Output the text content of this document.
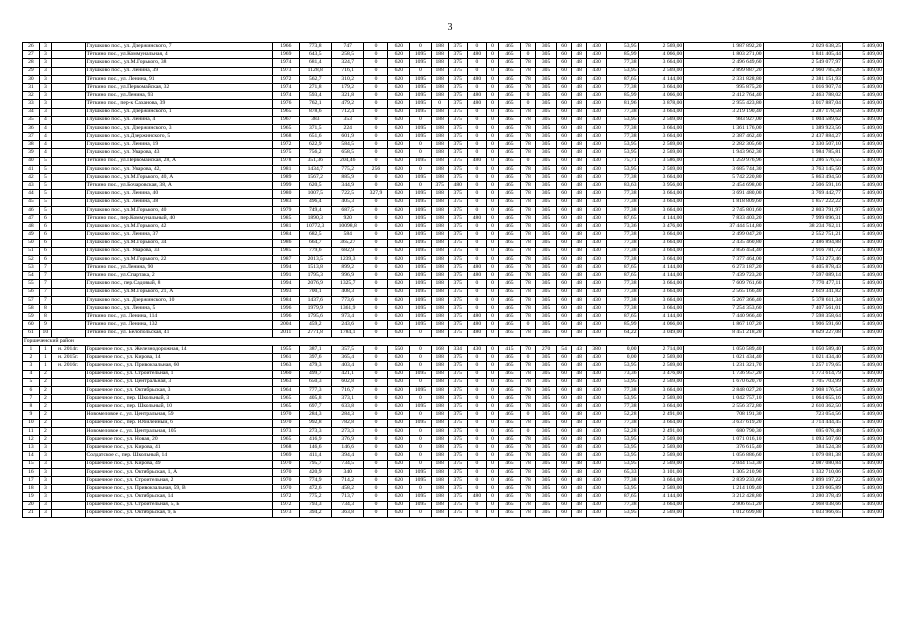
3
26	3		Глушковo пос., ул. Дзержинского, 7	1966	773,8	747	0	620	0	188	375	0	0	465	78	305	60	48	430	53,95	2 569,00	1 987 892,20	2 029 638,25	5 409,00
27	3		Тёткино пос., ул.Коммунальная, 4	1969	643,5	258,5	0	620	1095	188	375	480	0	465	0	305	60	48	430	85,99	4 066,00	1 803 271,00	1 841 405,44	5 409,00
28	3		Глушковo пос., ул.М.Горького, 38	1974	681,4	324,7	0	620	1095	188	375	0	0	465	78	305	60	48	430	77,38	3 664,00	2 496 649,60	2 549 077,97	5 409,00
29	3		Глушковo пос., ул. Ленина, 39	1973	1128,8	716,1	0	620	0	188	375	0	0	465	78	305	60	48	430	53,95	2 569,00	2 899 887,20	2 960 785,28	5 409,00
30	3		Тёткино пос., ул. Ленина, 91	1972	562,7	310,2	0	620	1095	188	375	480	0	465	78	305	60	48	430	87,65	4 144,00	2 331 828,80	2 381 151,93	5 409,00
31	3		Тёткино пос., ул.Первомайская, 32	1974	271,8	179,2	0	620	1095	188	375	0	0	465	78	305	60	48	430	77,38	3 664,00	995 875,20	1 016 907,74	5 409,00
32	3		Тёткино пос., ул.Ленина, 93	1974	593,4	321,8	0	620	1095	188	375	480	0	465	0	305	60	48	430	85,99	4 066,00	2 412 764,40	2 463 788,02	5 409,00
33	3		Тёткино пос., пер-к Саханова, 39	1976	762,1	479,2	0	620	1095	0	375	480	0	465	0	305	60	48	430	81,96	3 878,00	2 955 423,80	3 017 887,04	5 409,00
34	3		Глушковo пос., ул. Дзержинского, 1	1965	878,6	712,4	0	620	1095	188	375	0	0	465	78	305	60	48	430	77,38	3 664,00	3 219 190,40	3 287 178,58	5 409,00
35	4		Глушковo пос., ул. Ленина, 4	1967	383	353	0	620	0	188	375	0	0	465	78	305	60	48	430	53,95	2 569,00	983 927,00	1 004 589,62	5 409,00
36	4		Глушковo пос., ул. Дзержинского, 3	1965	371,5	224	0	620	1095	188	375	0	0	465	78	305	60	48	430	77,38	3 664,00	1 361 176,00	1 389 923,56	5 409,00
37	4		Глушковo пос., ул.Дзержинского, 5	1968	651,6	601,9	0	620	1095	188	375	0	0	465	78	305	60	48	430	77,38	3 664,00	2 387 462,40	2 437 884,27	5 409,00
38	4		Глушковo пос., ул. Ленина, 19	1972	622,9	584,5	0	620	0	188	375	0	0	465	78	305	60	48	430	53,95	2 569,00	2 282 305,60	2 330 507,10	5 409,00
39	4		Глушковo пос., ул. Уварова, 43	1975	756,2	658,5	0	620	0	188	375	0	0	465	78	305	60	48	430	53,95	2 569,00	1 943 962,30	1 984 785,81	5 409,00
40	5		Тёткино пос., ул.Первомайская, 28, А	1978	351,36	204,46	0	620	1095	188	375	480	0	465	0	305	60	48	430	75,71	3 586,00	1 259 976,96	1 286 576,55	5 409,00
41	5		Глушковo пос., ул. Уварова, 42,	1981	1434,7	775,2	256	620	0	188	375	0	0	465	78	305	60	48	430	53,95	2 569,00	3 685 744,30	3 763 145,50	5 409,00
42	5		Глушковo пос., ул.М.Горького, 40, А	1989	1567,2	885,9	0	620	1095	188	375	0	0	465	78	305	60	48	430	77,38	3 664,00	5 742 220,80	5 863 494,50	5 409,00
43	5		Тёткино пос., ул.Бочаровская, 38, А	1999	620,5	344,9	0	620	0	375	480	0	0	465	78	305	60	48	430	83,63	3 956,00	2 454 698,00	2 506 591,16	5 409,00
44	5		Глушковo пос., ул. Ленина, 40	1980	1007,5	722,5	327,9	620	1095	188	375	0	0	465	78	305	60	48	430	77,38	3 664,00	3 691 480,00	3 769 442,77	5 409,00
45	5		Глушковo пос., ул. Ленина, 38	1983	496,4	405,3	0	620	1095	188	375	0	0	465	78	305	60	48	430	77,38	3 664,00	1 818 809,60	1 857 222,22	5 409,00
46	5		Глушковo пос., ул.М.Горького, 40	1979	749,4	687,5	0	620	1095	188	375	0	0	465	78	305	60	48	430	77,38	3 664,00	2 745 801,60	2 803 791,97	5 409,00
47	6		Тёткино пос., пер.Коммунальный, 40	1985	1890,3	920	0	620	1095	188	375	480	0	465	78	305	60	48	430	87,65	4 144,00	7 833 403,20	7 999 096,31	5 409,00
48	6		Глушковo пос., ул.М.Горького, 42	1981	10772,3	10098,8	0	620	1095	188	375	0	0	465	78	305	60	48	430	73,36	3 476,00	37 444 514,80	38 234 762,11	5 409,00
49	6		Глушковo пос., ул. Ленина, 37	1984	682,5	584	0	620	1095	188	375	0	0	465	78	305	60	48	430	77,38	3 664,00	2 499 047,20	2 552 751,21	5 409,00
50	6		Глушковo пос., ул.М.Горького, 34	1986	664,7	365,27	0	620	1095	188	375	0	0	465	78	305	60	48	430	77,38	3 664,00	2 435 460,80	2 486 894,88	5 409,00
51	6		Глушковo пос., ул. Уварова, 33	1985	779,6	682,9	0	620	1095	188	375	0	0	465	78	305	60	48	430	77,38	3 664,00	2 856 454,40	2 916 781,72	5 409,00
52	6		Глушковo пос., ул.М.Горького, 22	1987	2013,5	1239,3	0	620	1095	188	375	0	0	465	78	305	60	48	430	77,38	3 664,00	7 377 464,00	7 533 273,46	5 409,00
53	7		Тёткино пос., ул.Ленина, 90	1994	1513,8	899,2	0	620	1095	188	375	480	0	465	78	305	60	48	430	87,65	4 144,00	6 273 187,20	6 405 878,43	5 409,00
54	7		Тёткино пос., ул.Спартака, 2	1991	1795,3	996,9	0	620	1095	188	375	480	0	465	78	305	60	48	430	87,65	4 144,00	7 439 723,20	7 597 089,14	5 409,00
55	7		Глушковo пос., пер.Садовый, 8	1994	2076,9	1325,7	0	620	1095	188	375	0	0	465	78	305	60	48	430	77,38	3 664,00	7 609 761,60	7 770 477,11	5 409,00
56	7		Глушковo пос., ул.М.Горького, 21, А	1993	700,1	408,3	0	620	1095	188	375	0	0	465	78	305	60	48	430	77,38	3 664,00	2 565 166,40	2 619 341,82	5 409,00
57	7		Глушковo пос., ул. Дзержинского, 10	1984	1437,6	773,6	0	620	1095	188	375	0	0	465	78	305	60	48	430	77,38	3 664,00	5 267 366,40	5 378 611,34	5 409,00
58	8		Глушковo пос., ул. Ленина, 5	1996	1979,9	1361,9	0	620	1095	188	375	0	0	465	78	305	60	48	430	77,38	3 664,00	7 254 353,60	7 407 561,01	5 409,00
59	8		Тёткино пос., ул. Ленина, 114	1996	1795,6	973,4	0	620	1095	188	375	480	0	465	78	305	60	48	430	87,65	4 144,00	7 440 966,40	7 598 358,64	5 409,00
60	9		Тёткино пос., ул. Ленина, 132	2004	459,2	243,6	0	620	1095	188	375	480	0	465	0	305	60	48	430	85,99	4 066,00	1 867 107,20	1 906 591,60	5 409,00
61	10		Тёткино пос., ул. Белопольская, 41	2011	2771,8	1784,1	0	620	0	188	375	480	0	465	78	305	60	48	430	64,22	3 049,00	8 451 218,20	8 629 227,08	5 409,00
Горшеченский район																								
1	1	н. 2014г.	Горшечное пос., ул. Железнодорожная, 14	1955	387,1	357,5	0	550	0	168	334	430	0	415	70	270	54	43	380	0,00	2 714,00	1 050 589,40	1 050 589,40	5 409,00
2	1	н. 2015г.	Горшечное пос., ул. Кирова, 14	1961	397,6	365,4	0	620	0	188	375	0	0	465	0	305	60	48	430	0,00	2 569,00	1 021 434,40	1 021 434,40	5 409,00
3	1	н. 2016г.	Горшечное пос., ул. Привокзальная, 60	1963	479,3	403,4	0	620	0	188	375	0	0	465	78	305	60	48	430	53,95	2 569,00	1 231 321,70	1 257 179,65	5 409,00
4	2		Горшечное пос., ул. Строительная, 1	1960	499,7	421,1	0	620	1095	188	375	0	0	465	78	305	60	48	430	73,36	3 476,00	1 736 957,20	1 773 614,79	5 409,00
5	2		Горшечное пос., ул. Центральная, 3	1963	650,3	602,8	0	620	0	188	375	0	0	465	78	305	60	48	430	53,95	2 569,00	1 670 620,70	1 705 703,99	5 409,00
6	2		Горшечное пос., ул. Октябрьская, 3	1964	777,3	716,7	0	620	1095	188	375	0	0	465	78	305	60	48	430	77,38	3 664,00	2 848 027,20	2 908 176,54	5 409,00
7	2		Горшечное пос., пер. Школьный, 3	1965	405,8	373,1	0	620	0	188	375	0	0	465	78	305	60	48	430	53,95	2 569,00	1 042 757,10	1 064 655,16	5 409,00
8	2		Горшечное пос., пер. Школьный, 10	1965	697,7	633,8	0	620	1095	188	375	0	0	465	78	305	60	48	430	77,38	3 664,00	2 556 372,80	2 610 362,50	5 409,00
9	2		Новомеловое с., ул. Центральная, 59	1970	284,3	284,3	0	620	0	188	375	0	0	465	0	305	60	48	430	52,28	2 491,00	708 191,30	723 054,56	5 409,00
10	2		Горшечное пос., пер. Юбилейный, 6	1970	992,8	782,8	0	620	1095	188	375	0	0	465	78	305	60	48	430	77,38	3 664,00	3 637 619,20	3 714 444,45	5 409,00
11	2		Новомеловое с., ул. Центральная, 105	1973	273,3	273,3	0	620	0	188	375	0	0	465	0	305	60	48	430	52,28	2 491,00	680 790,30	695 078,48	5 409,00
12	2		Горшечное пос., ул. Новая, 20	1965	416,9	376,9	0	620	0	188	375	0	0	465	78	305	60	48	430	53,95	2 569,00	1 071 016,10	1 093 507,60	5 409,00
13	3		Горшечное пос., ул. Кирова, 41	1968	146,6	146,6	0	620	0	188	375	0	0	465	78	305	60	48	430	53,95	2 569,00	376 615,40	384 524,38	5 409,00
14	3		Солдатское с., пер. Школьный, 14	1969	411,4	394,4	0	620	0	188	375	0	0	465	78	305	60	48	430	53,95	2 569,00	1 056 886,60	1 079 081,38	5 409,00
15	3		Горшечное пос., ул. Кирова, 49	1970	795,7	734,5	0	620	0	188	375	0	0	465	78	305	60	48	430	53,95	2 569,00	2 044 153,30	2 087 080,84	5 409,00
16	3		Горшечное пос., ул. Октябрьская, 1, А	1970	420,9	340	0	620	1095	188	375	0	0	465	78	305	60	48	430	65,33	3 101,00	1 305 210,90	1 332 710,06	5 409,00
17	3		Горшечное пос., ул. Строительная, 2	1970	774,9	714,2	0	620	1095	188	375	0	0	465	78	305	60	48	430	77,38	3 664,00	2 839 233,60	2 899 197,22	5 409,00
18	3		Горшечное пос., ул. Привокзальная, 59, В	1970	472,6	458,2	0	620	0	188	375	0	0	465	78	305	60	48	430	53,95	2 569,00	1 214 109,40	1 239 605,89	5 409,00
19	3		Горшечное пос., ул. Октябрьская, 14	1972	775,2	713,7	0	620	1095	188	375	480	0	465	78	305	60	48	430	87,65	4 144,00	3 212 428,80	3 280 378,49	5 409,00
20	3		Горшечное пос., ул. Строительная, 5, Б	1972	793,3	734,3	0	620	1095	188	375	0	0	465	78	305	60	48	430	77,38	3 664,00	2 906 651,20	2 968 038,66	5 409,00
21	3		Горшечное пос., ул. Октябрьская, 9, Б	1973	394,2	363,8	0	620	0	188	375	0	0	465	78	305	60	48	430	53,95	2 569,00	1 012 699,80	1 033 966,65	5 409,00
